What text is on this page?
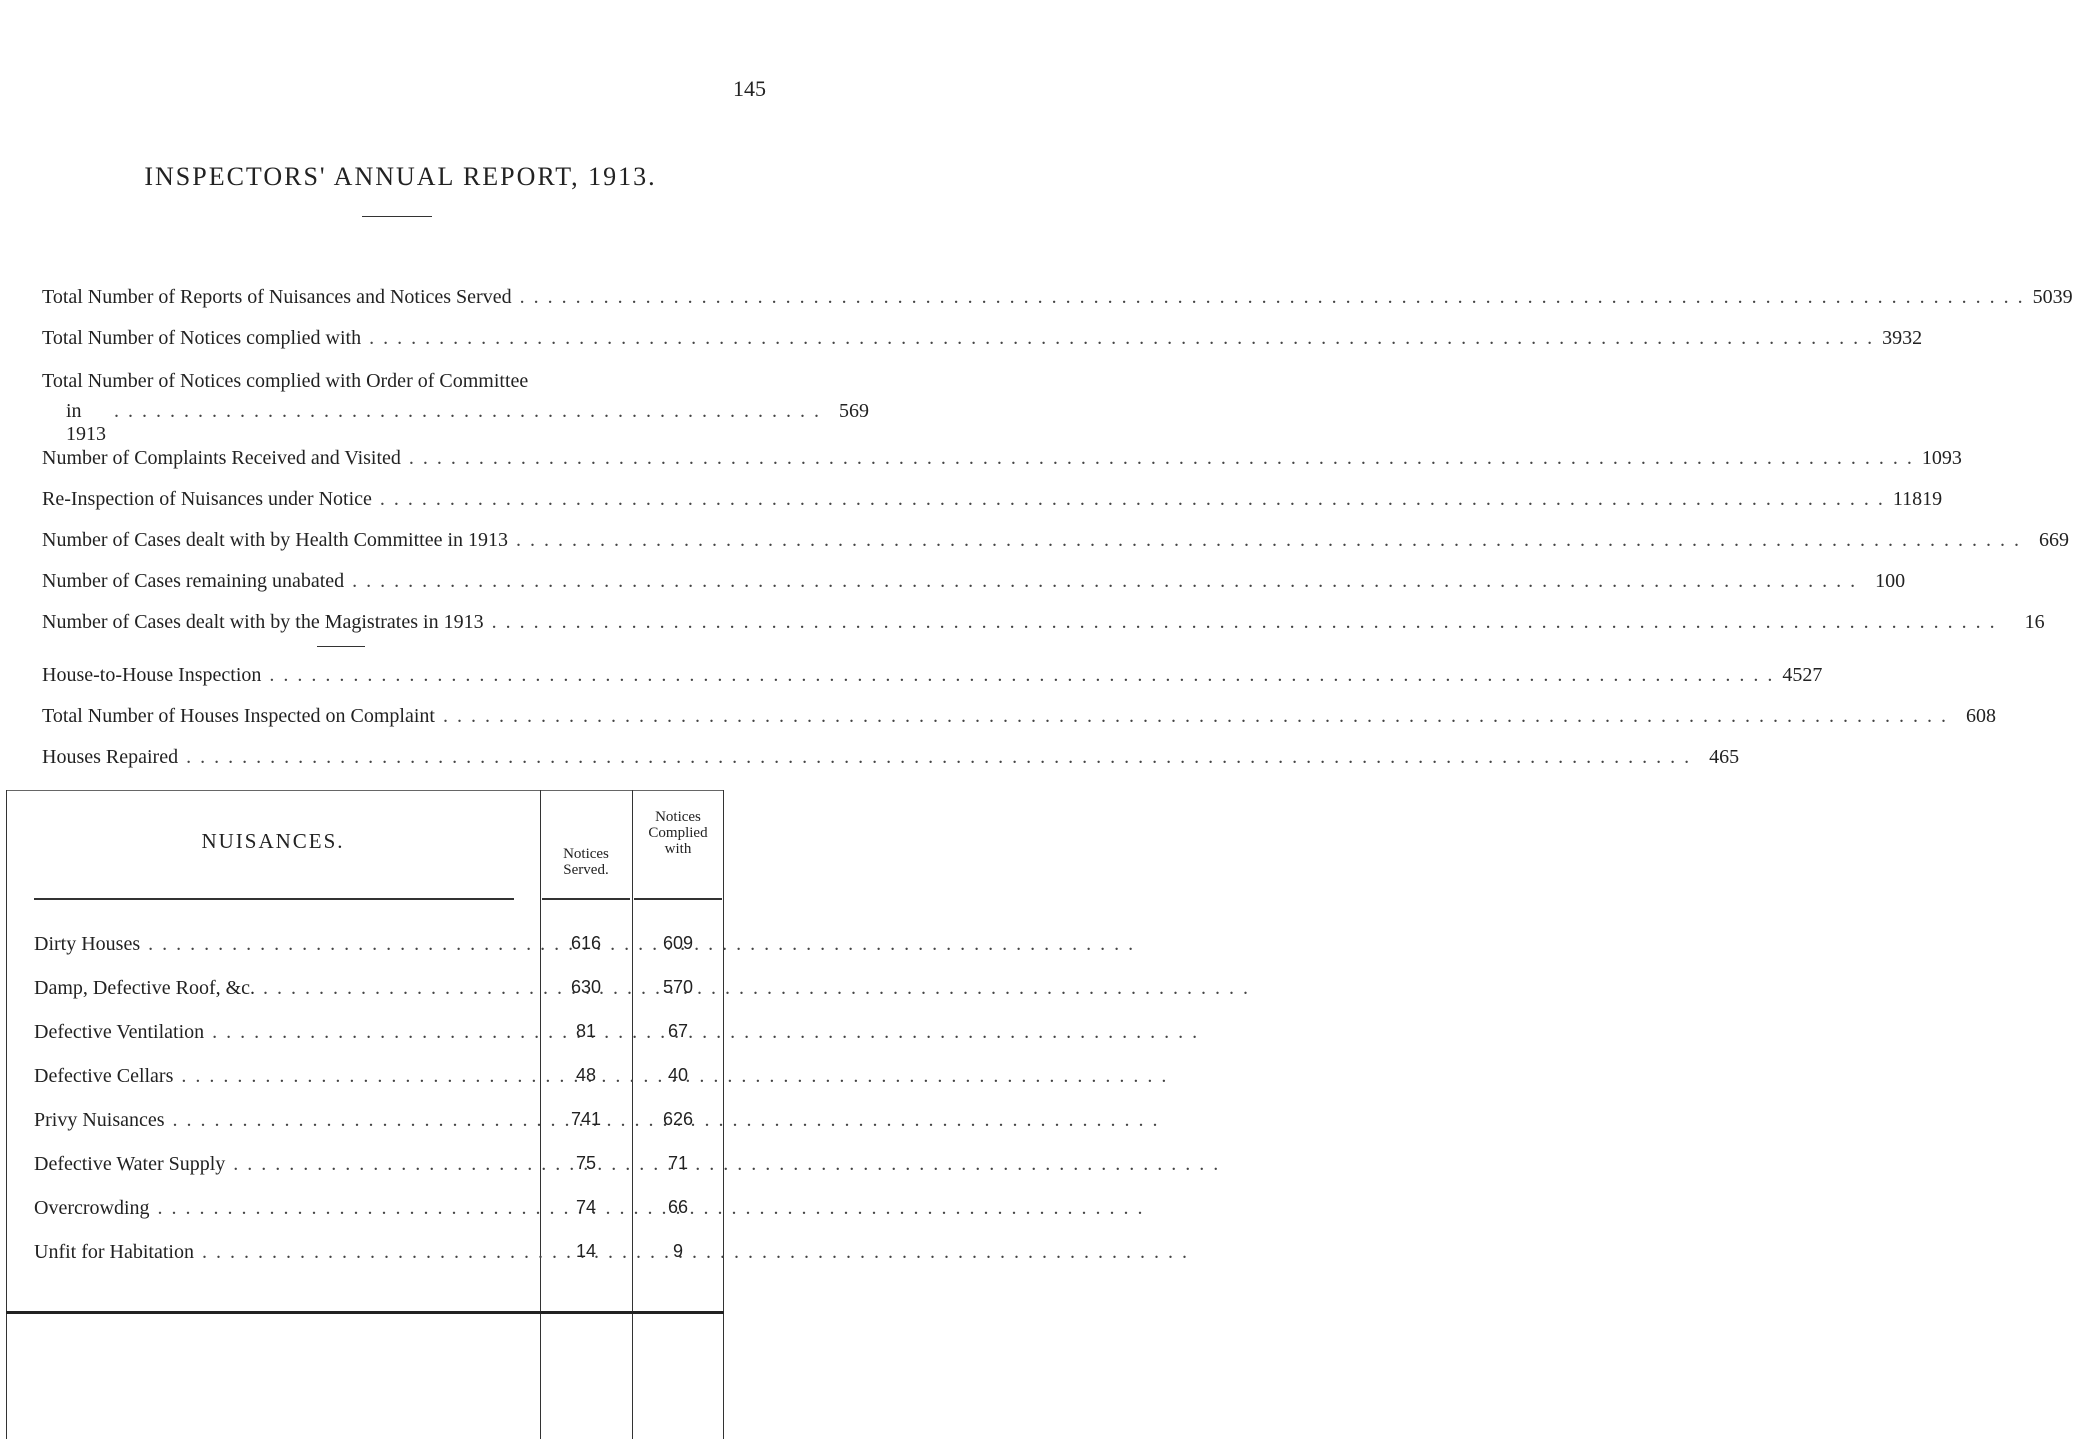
145
INSPECTORS' ANNUAL REPORT, 1913.
Total Number of Reports of Nuisances and Notices Served . . .	5039
Total Number of Notices complied with . . .	3932
Total Number of Notices complied with Order of Committee
in 1913
. . . . . . . . . . . . . . . . . . . . . . . . . . . . . . . . . . . . . . . . . . . . . . . . . . . 569
Number of Complaints Received and Visited . . .	1093
Re-Inspection of Nuisances under Notice . . .	11819
Number of Cases dealt with by Health Committee in 1913 . . .	669
Number of Cases remaining unabated . . .	100
Number of Cases dealt with by the Magistrates in 1913 . . .	16
House-to-House Inspection . . .	4527
Total Number of Houses Inspected on Complaint . . .	608
Houses Repaired . . .	465
NUISANCES.
Notices
Served.
Notices
Complied
with
Dirty Houses . . .	616	609
Damp, Defective Roof, &c. . . .	630	570
Defective Ventilation . . .	81	67
Defective Cellars . . .	48	40
Privy Nuisances . . .	741	626
Defective Water Supply . . .	75	71
Overcrowding . . .	74	66
Unfit for Habitation . . .	14	9
